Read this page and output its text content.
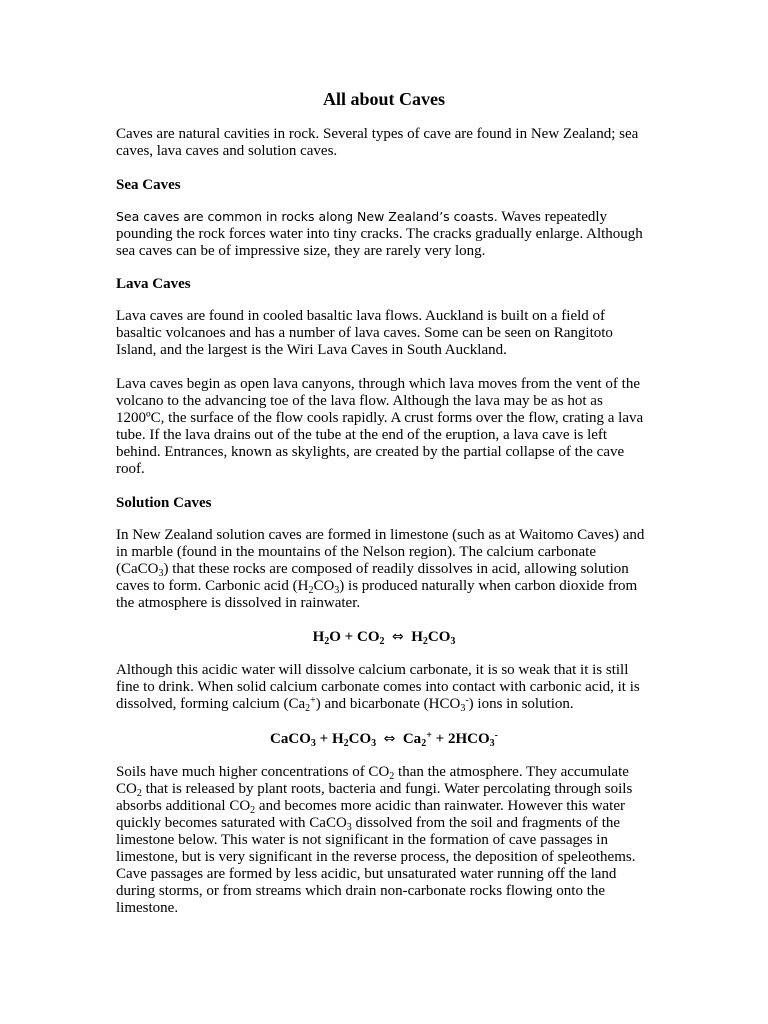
All about Caves

Caves are natural cavities in rock. Several types of cave are found in New Zealand; sea caves, lava caves and solution caves.

Sea Caves

Sea caves are common in rocks along New Zealand’s coasts. Waves repeatedly pounding the rock forces water into tiny cracks. The cracks gradually enlarge. Although sea caves can be of impressive size, they are rarely very long.

Lava Caves

Lava caves are found in cooled basaltic lava flows. Auckland is built on a field of basaltic volcanoes and has a number of lava caves. Some can be seen on Rangitoto Island, and the largest is the Wiri Lava Caves in South Auckland.

Lava caves begin as open lava canyons, through which lava moves from the vent of the volcano to the advancing toe of the lava flow. Although the lava may be as hot as 1200ºC, the surface of the flow cools rapidly. A crust forms over the flow, crating a lava tube. If the lava drains out of the tube at the end of the eruption, a lava cave is left behind. Entrances, known as skylights, are created by the partial collapse of the cave roof.

Solution Caves

In New Zealand solution caves are formed in limestone (such as at Waitomo Caves) and in marble (found in the mountains of the Nelson region). The calcium carbonate (CaCO$_3$) that these rocks are composed of readily dissolves in acid, allowing solution caves to form. Carbonic acid $(H_2CO_3)$ is produced naturally when carbon dioxide from the atmosphere is dissolved in rainwater.

$H_2O + CO_2$ ⇔ $H_2CO_3$

Although this acidic water will dissolve calcium carbonate, it is so weak that it is still fine to drink. When solid calcium carbonate comes into contact with carbonic acid, it is dissolved, forming calcium $(Ca_2^+)$ and bicarbonate $(HCO_3^-)$ ions in solution.

CaCO$_3$ + $H_2CO_3$ ⇔ $Ca_2^+ + 2HCO_3^-$

Soils have much higher concentrations of $CO_2$ than the atmosphere. They accumulate $CO_2$ that is released by plant roots, bacteria and fungi. Water percolating through soils absorbs additional $CO_2$ and becomes more acidic than rainwater. However this water quickly becomes saturated with CaCO$_3$ dissolved from the soil and fragments of the limestone below. This water is not significant in the formation of cave passages in limestone, but is very significant in the reverse process, the deposition of speleothems. Cave passages are formed by less acidic, but unsaturated water running off the land during storms, or from streams which drain non-carbonate rocks flowing onto the limestone.
